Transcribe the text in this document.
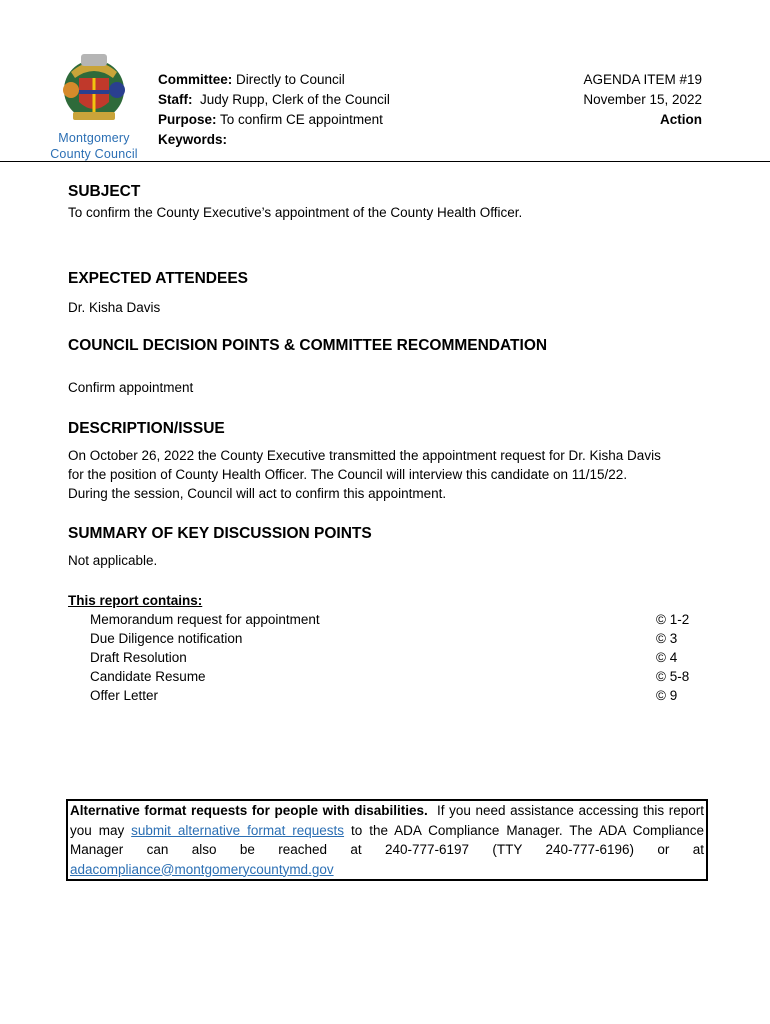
Montgomery
County Council
Committee: Directly to Council
Staff:  Judy Rupp, Clerk of the Council
Purpose: To confirm CE appointment
Keywords:
AGENDA ITEM #19
November 15, 2022
Action
SUBJECT

To confirm the County Executive’s appointment of the County Health Officer.

EXPECTED ATTENDEES

Dr. Kisha Davis

COUNCIL DECISION POINTS & COMMITTEE RECOMMENDATION

Confirm appointment

DESCRIPTION/ISSUE

On October 26, 2022 the County Executive transmitted the appointment request for Dr. Kisha Davis

for the position of County Health Officer. The Council will interview this candidate on 11/15/22.

During the session, Council will act to confirm this appointment.

SUMMARY OF KEY DISCUSSION POINTS

Not applicable.

This report contains:
Memorandum request for appointment	© 1-2
Due Diligence notification	© 3
Draft Resolution	© 4
Candidate Resume	© 5-8
Offer Letter	© 9
Alternative format requests for people with disabilities.  If you need assistance accessing this report you may submit alternative format requests to the ADA Compliance Manager. The ADA Compliance Manager can also be reached at 240-777-6197 (TTY 240-777-6196) or at adacompliance@montgomerycountymd.gov
